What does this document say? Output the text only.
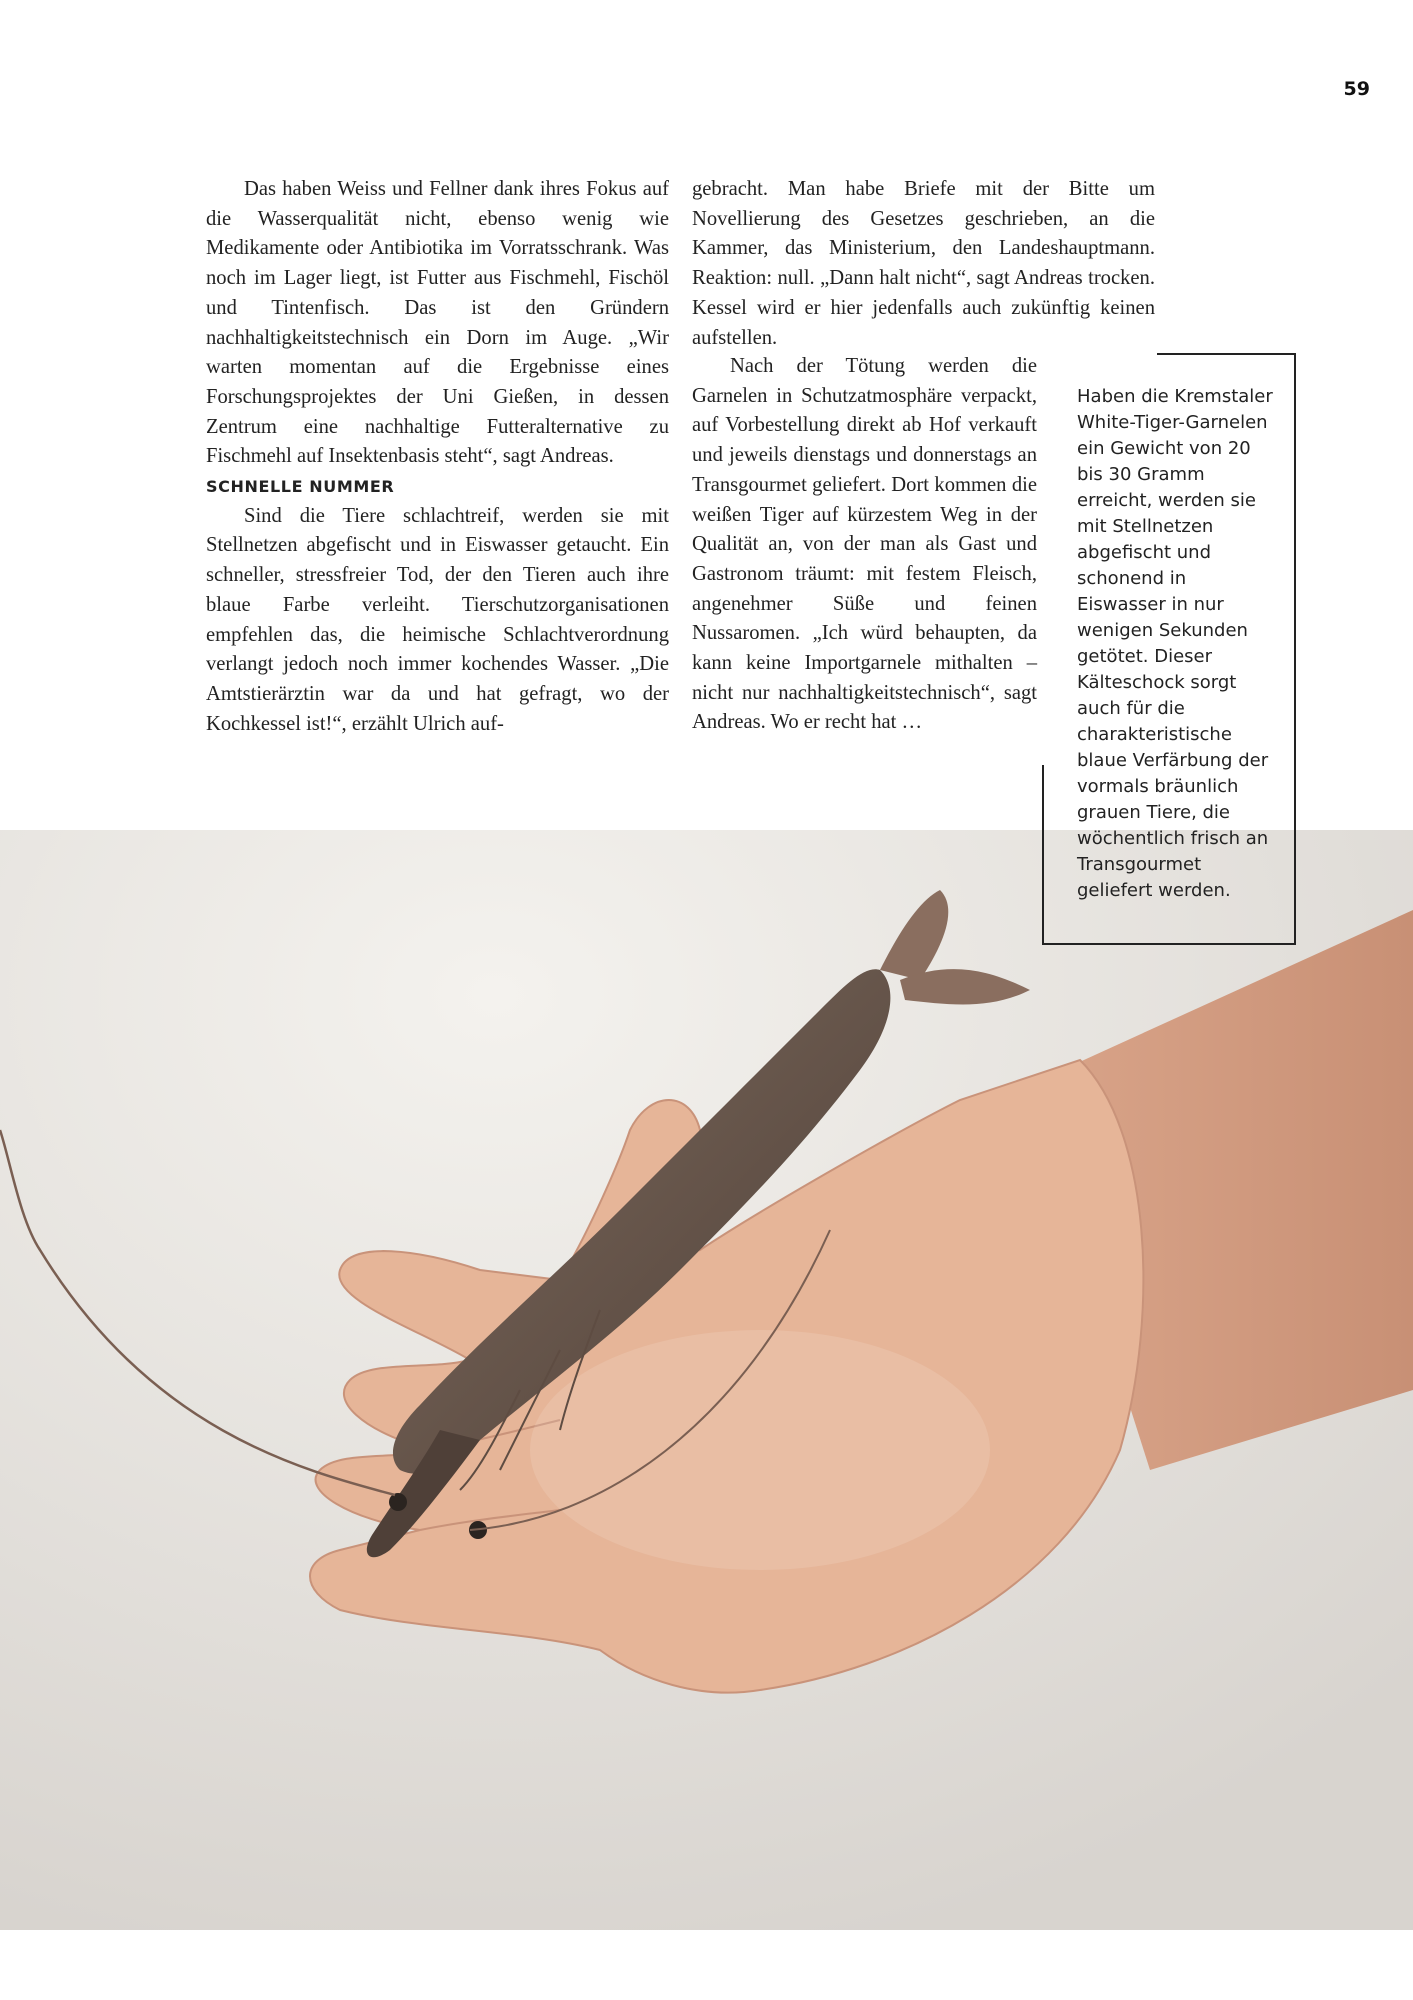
59

Das haben Weiss und Fellner dank ihres Fokus auf die Wasserqualität nicht, ebenso wenig wie Medikamente oder Antibiotika im Vorratsschrank. Was noch im Lager liegt, ist Futter aus Fischmehl, Fischöl und Tintenfisch. Das ist den Gründern nachhaltigkeitstechnisch ein Dorn im Auge. „Wir warten momentan auf die Ergebnisse eines Forschungsprojektes der Uni Gießen, in dessen Zentrum eine nachhaltige Futteralternative zu Fischmehl auf Insektenbasis steht“, sagt Andreas.

SCHNELLE NUMMER

Sind die Tiere schlachtreif, werden sie mit Stellnetzen abgefischt und in Eiswasser getaucht. Ein schneller, stressfreier Tod, der den Tieren auch ihre blaue Farbe verleiht. Tierschutzorganisationen empfehlen das, die heimische Schlachtverordnung verlangt jedoch noch immer kochendes Wasser. „Die Amtstierärztin war da und hat gefragt, wo der Kochkessel ist!“, erzählt Ulrich auf-

gebracht. Man habe Briefe mit der Bitte um Novellierung des Gesetzes geschrieben, an die Kammer, das Ministerium, den Landeshauptmann. Reaktion: null. „Dann halt nicht“, sagt Andreas trocken. Kessel wird er hier jedenfalls auch zukünftig keinen aufstellen.

Nach der Tötung werden die Garnelen in Schutzatmosphäre verpackt, auf Vorbestellung direkt ab Hof verkauft und jeweils dienstags und donnerstags an Transgourmet geliefert. Dort kommen die weißen Tiger auf kürzestem Weg in der Qualität an, von der man als Gast und Gastronom träumt: mit festem Fleisch, angenehmer Süße und feinen Nussaromen. „Ich würd behaupten, da kann keine Importgarnele mithalten – nicht nur nachhaltigkeitstechnisch“, sagt Andreas. Wo er recht hat …

Haben die Kremstaler White-Tiger-Garnelen ein Gewicht von 20 bis 30 Gramm erreicht, werden sie mit Stellnetzen abgefischt und schonend in Eiswasser in nur wenigen Sekunden getötet. Dieser Kälteschock sorgt auch für die charakteristische blaue Verfärbung der vormals bräunlich grauen Tiere, die wöchentlich frisch an Transgourmet geliefert werden.
